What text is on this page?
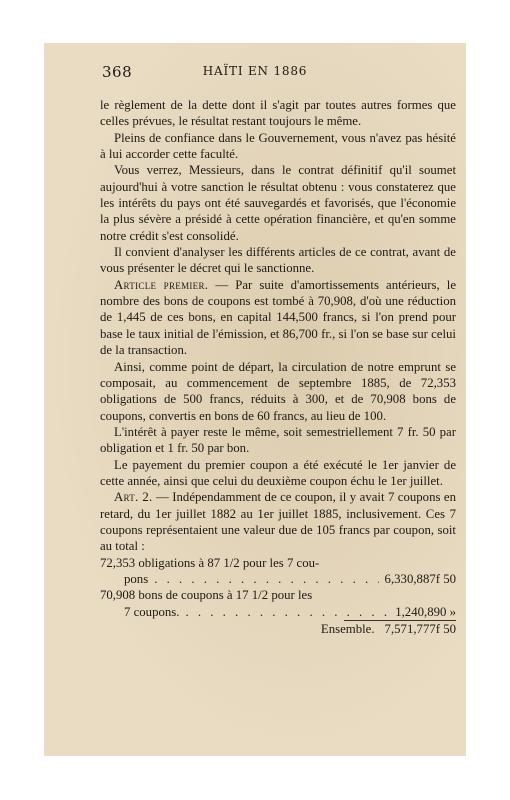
368	HAÏTI EN 1886

le règlement de la dette dont il s'agit par toutes autres formes que celles prévues, le résultat restant toujours le même.

Pleins de confiance dans le Gouvernement, vous n'avez pas hésité à lui accorder cette faculté.

Vous verrez, Messieurs, dans le contrat définitif qu'il soumet aujourd'hui à votre sanction le résultat obtenu : vous constaterez que les intérêts du pays ont été sauvegardés et favorisés, que l'économie la plus sévère a présidé à cette opération financière, et qu'en somme notre crédit s'est consolidé.

Il convient d'analyser les différents articles de ce contrat, avant de vous présenter le décret qui le sanctionne.

Article premier. — Par suite d'amortissements antérieurs, le nombre des bons de coupons est tombé à 70,908, d'où une réduction de 1,445 de ces bons, en capital 144,500 francs, si l'on prend pour base le taux initial de l'émission, et 86,700 fr., si l'on se base sur celui de la transaction.

Ainsi, comme point de départ, la circulation de notre emprunt se composait, au commencement de septembre 1885, de 72,353 obligations de 500 francs, réduits à 300, et de 70,908 bons de coupons, convertis en bons de 60 francs, au lieu de 100.

L'intérêt à payer reste le même, soit semestriellement 7 fr. 50 par obligation et 1 fr. 50 par bon.

Le payement du premier coupon a été exécuté le 1er janvier de cette année, ainsi que celui du deuxième coupon échu le 1er juillet.

Art. 2. — Indépendamment de ce coupon, il y avait 7 coupons en retard, du 1er juillet 1882 au 1er juillet 1885, inclusivement. Ces 7 coupons représentaient une valeur due de 105 francs par coupon, soit au total :

72,353 obligations à 87 1/2 pour les 7 cou-
pons . . .	6,330,887f 50
70,908 bons de coupons à 17 1/2 pour les
7 coupons. . . .	1,240,890 »
Ensemble. 7,571,777f 50
